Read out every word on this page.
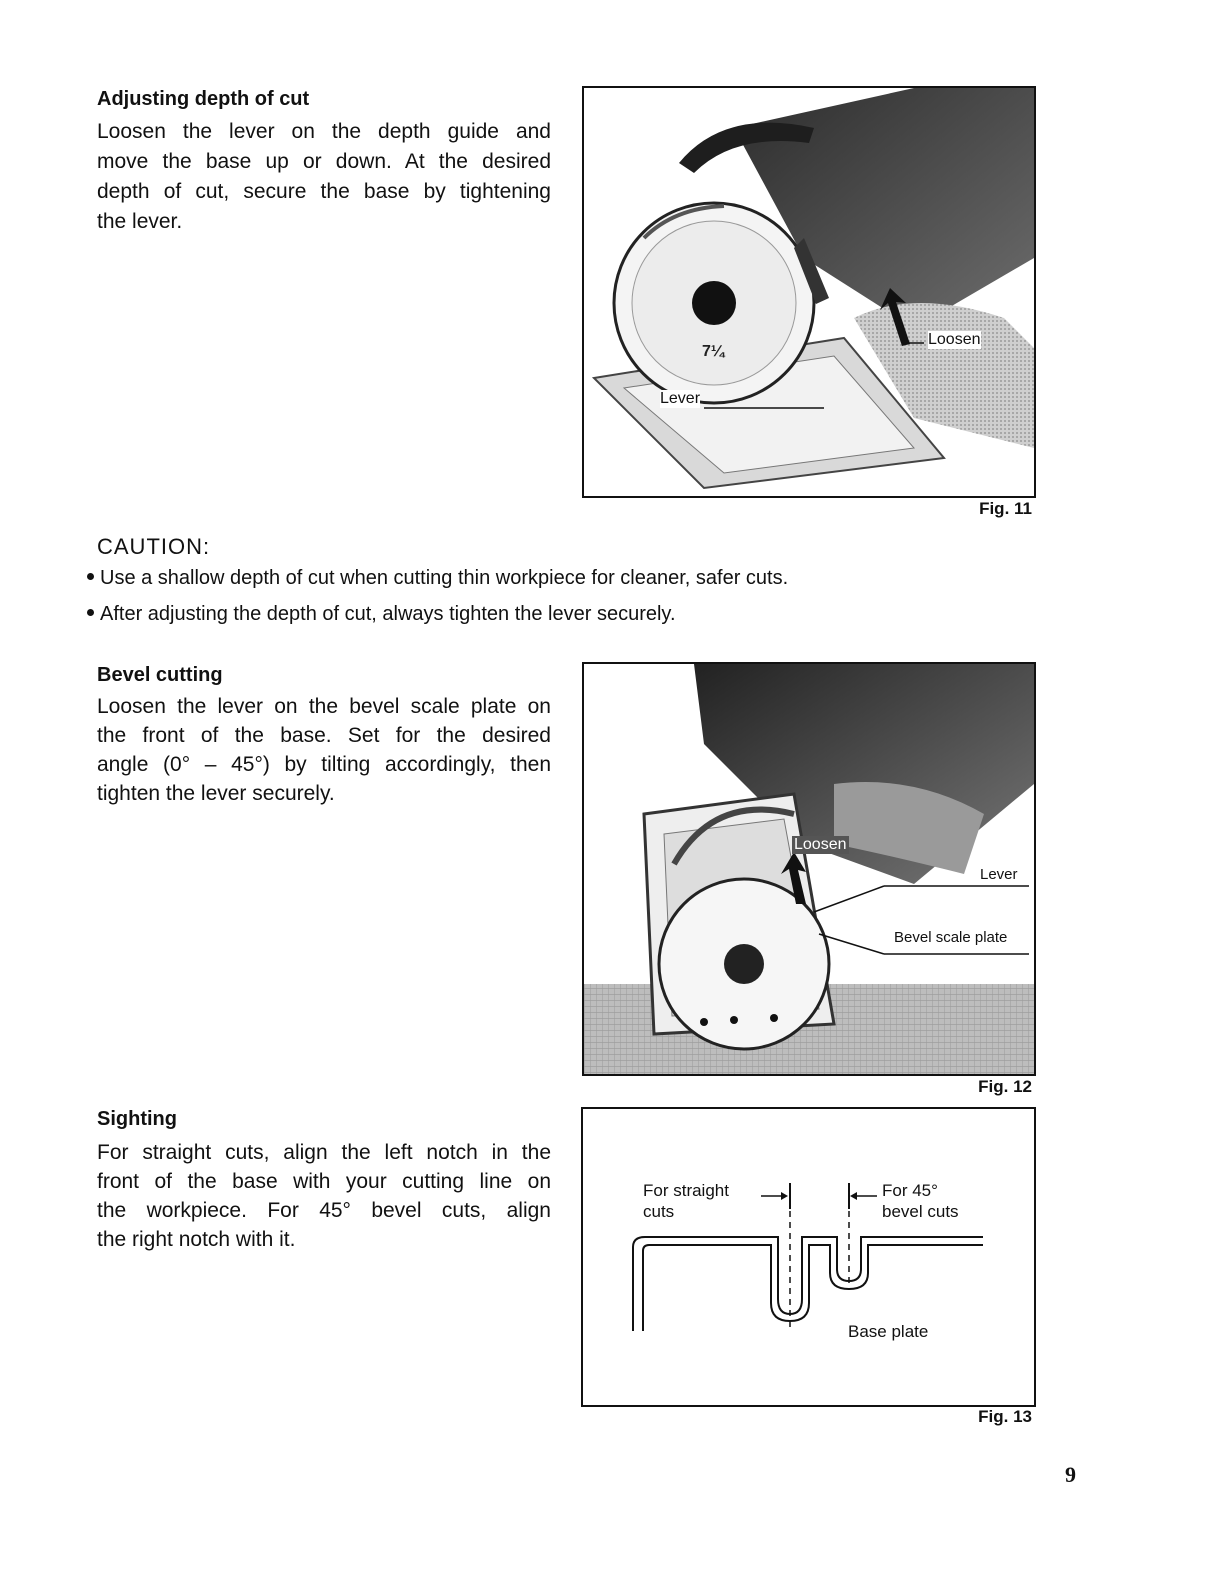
Adjusting depth of cut
Loosen the lever on the depth guide and
move the base up or down. At the desired
depth of cut, secure the base by tightening
the lever.
7¼
Loosen
Lever
Fig. 11
CAUTION:
Use a shallow depth of cut when cutting thin workpiece for cleaner, safer cuts.
After adjusting the depth of cut, always tighten the lever securely.
Bevel cutting
Loosen the lever on the bevel scale plate on
the front of the base. Set for the desired
angle (0° – 45°) by tilting accordingly, then
tighten the lever securely.
Loosen
Lever
Bevel scale plate
Fig. 12
Sighting
For straight cuts, align the left notch in the
front of the base with your cutting line on
the workpiece. For 45° bevel cuts, align
the right notch with it.
For straight
cuts
For 45°
bevel cuts
Base plate
Fig. 13
9
